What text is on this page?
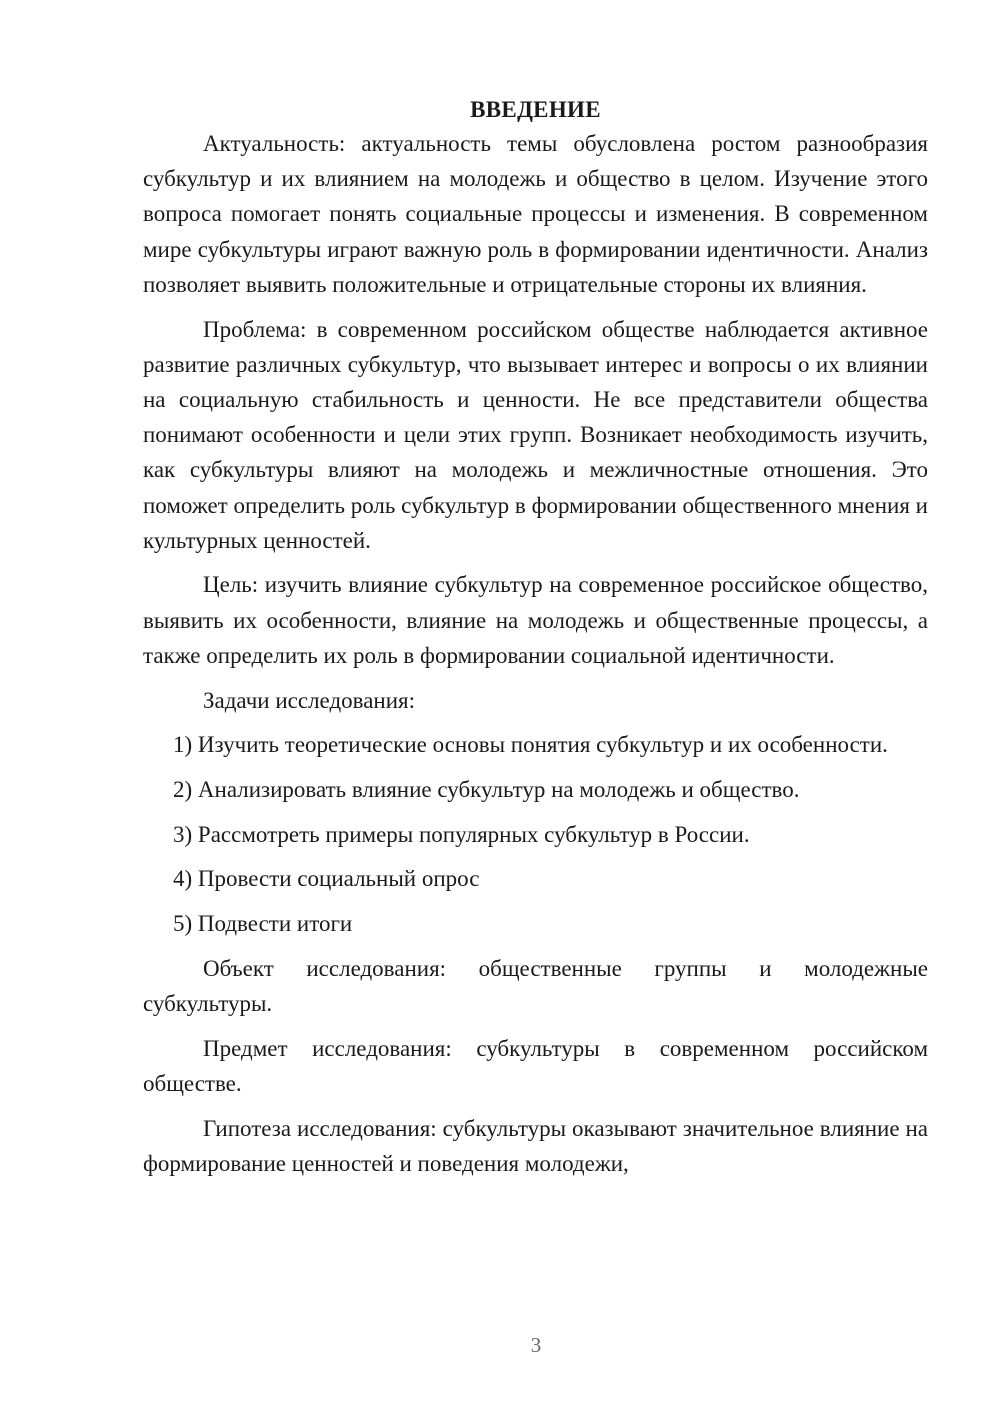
ВВЕДЕНИЕ

Актуальность: актуальность темы обусловлена ростом разнообразия субкультур и их влиянием на молодежь и общество в целом. Изучение этого вопроса помогает понять социальные процессы и изменения. В современном мире субкультуры играют важную роль в формировании идентичности. Анализ позволяет выявить положительные и отрицательные стороны их влияния.

Проблема: в современном российском обществе наблюдается активное развитие различных субкультур, что вызывает интерес и вопросы о их влиянии на социальную стабильность и ценности. Не все представители общества понимают особенности и цели этих групп. Возникает необходимость изучить, как субкультуры влияют на молодежь и межличностные отношения. Это поможет определить роль субкультур в формировании общественного мнения и культурных ценностей.

Цель: изучить влияние субкультур на современное российское общество, выявить их особенности, влияние на молодежь и общественные процессы, а также определить их роль в формировании социальной идентичности.

Задачи исследования:

1) Изучить теоретические основы понятия субкультур и их особенности.

2) Анализировать влияние субкультур на молодежь и общество.

3) Рассмотреть примеры популярных субкультур в России.

4) Провести социальный опрос

5) Подвести итоги

Объект исследования: общественные группы и молодежные субкультуры.

Предмет исследования: субкультуры в современном российском обществе.

Гипотеза исследования: субкультуры оказывают значительное влияние на формирование ценностей и поведения молодежи,

3
